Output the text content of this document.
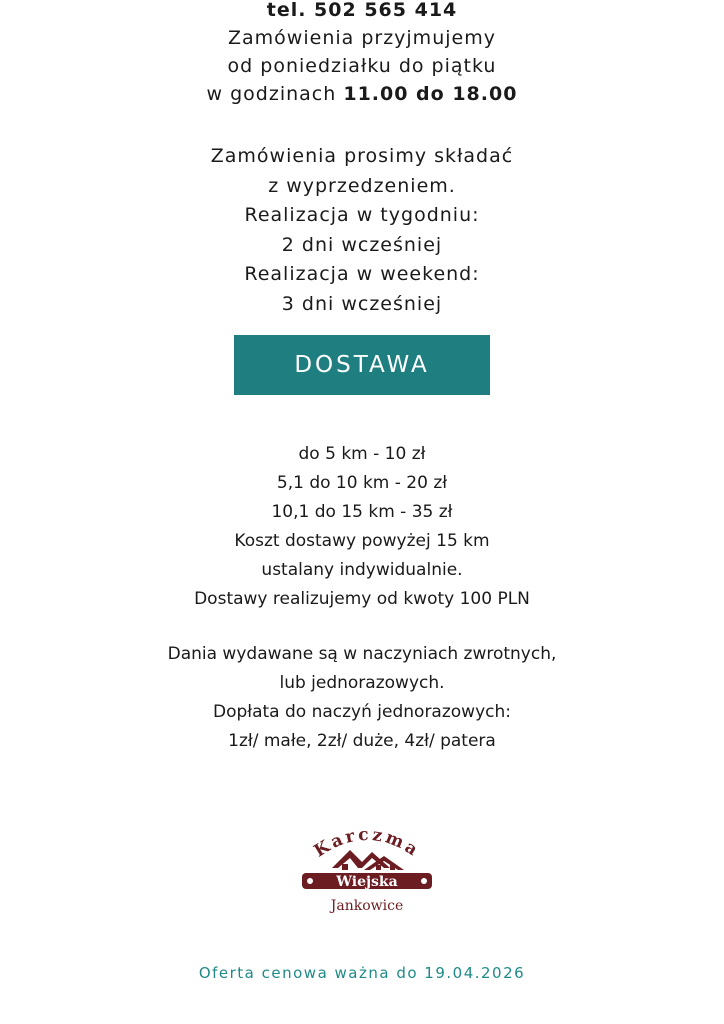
tel. 502 565 414
Zamówienia przyjmujemy
od poniedziałku do piątku
w godzinach 11.00 do 18.00
Zamówienia prosimy składać
z wyprzedzeniem.
Realizacja w tygodniu:
2 dni wcześniej
Realizacja w weekend:
3 dni wcześniej
DOSTAWA
do 5 km - 10 zł
5,1 do 10 km - 20 zł
10,1 do 15 km - 35 zł
Koszt dostawy powyżej 15 km
ustalany indywidualnie.
Dostawy realizujemy od kwoty 100 PLN
Dania wydawane są w naczyniach zwrotnych,
lub jednorazowych.
Dopłata do naczyń jednorazowych:
1zł/ małe, 2zł/ duże, 4zł/ patera
Karczma
Wiejska
Jankowice
Oferta cenowa ważna do 19.04.2026
